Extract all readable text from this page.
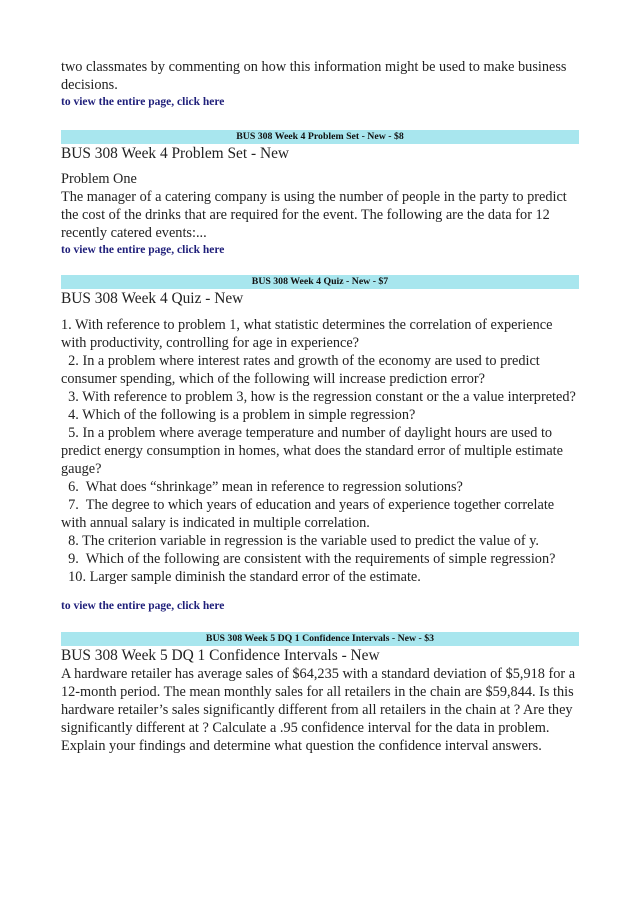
two classmates by commenting on how this information might be used to make business decisions.

to view the entire page, click here
BUS 308 Week 4 Problem Set - New - $8

BUS 308 Week 4 Problem Set - New

Problem One

The manager of a catering company is using the number of people in the party to predict the cost of the drinks that are required for the event. The following are the data for 12 recently catered events:...

to view the entire page, click here
BUS 308 Week 4 Quiz - New - $7

BUS 308 Week 4 Quiz - New

1. With reference to problem 1, what statistic determines the correlation of experience with productivity, controlling for age in experience?

2. In a problem where interest rates and growth of the economy are used to predict consumer spending, which of the following will increase prediction error?

3. With reference to problem 3, how is the regression constant or the a value interpreted?

4. Which of the following is a problem in simple regression?

5. In a problem where average temperature and number of daylight hours are used to predict energy consumption in homes, what does the standard error of multiple estimate gauge?

6.  What does “shrinkage” mean in reference to regression solutions?

7.  The degree to which years of education and years of experience together correlate with annual salary is indicated in multiple correlation.

8. The criterion variable in regression is the variable used to predict the value of y.

9.  Which of the following are consistent with the requirements of simple regression?

10. Larger sample diminish the standard error of the estimate.

to view the entire page, click here
BUS 308 Week 5 DQ 1 Confidence Intervals - New - $3

BUS 308 Week 5 DQ 1 Confidence Intervals - New

A hardware retailer has average sales of $64,235 with a standard deviation of $5,918 for a 12-month period. The mean monthly sales for all retailers in the chain are $59,844. Is this hardware retailer’s sales significantly different from all retailers in the chain at ? Are they significantly different at ? Calculate a .95 confidence interval for the data in problem.

Explain your findings and determine what question the confidence interval answers.
